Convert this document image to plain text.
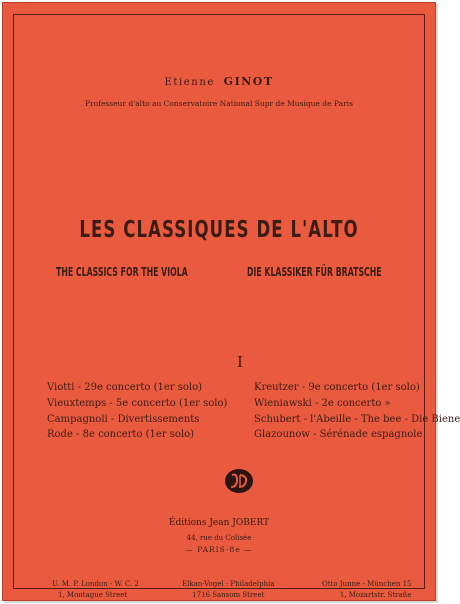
Etienne GINOT
Professeur d'alto au Conservatoire National Supr de Musique de Paris
LES CLASSIQUES DE L'ALTO
THE CLASSICS FOR THE VIOLA	DIE KLASSIKER FÜR BRATSCHE
I
Viotti - 29e concerto (1er solo)
Vieuxtemps - 5e concerto (1er solo)
Campagnoli - Divertissements
Rode - 8e concerto (1er solo)
Kreutzer - 9e concerto (1er solo)
Wieniawski - 2e concerto »
Schubert - l'Abeille - The bee - Die Biene
Glazounow - Sérénade espagnole
Éditions Jean JOBERT
44, rue du Colisée
— PARIS-8e —
U. M. P. London - W. C. 2
1, Montague Street
Elkan-Vogel - Philadelphia
1716 Sansom Street
Otto Junne - München 15
1, Mozartstr. Straße
